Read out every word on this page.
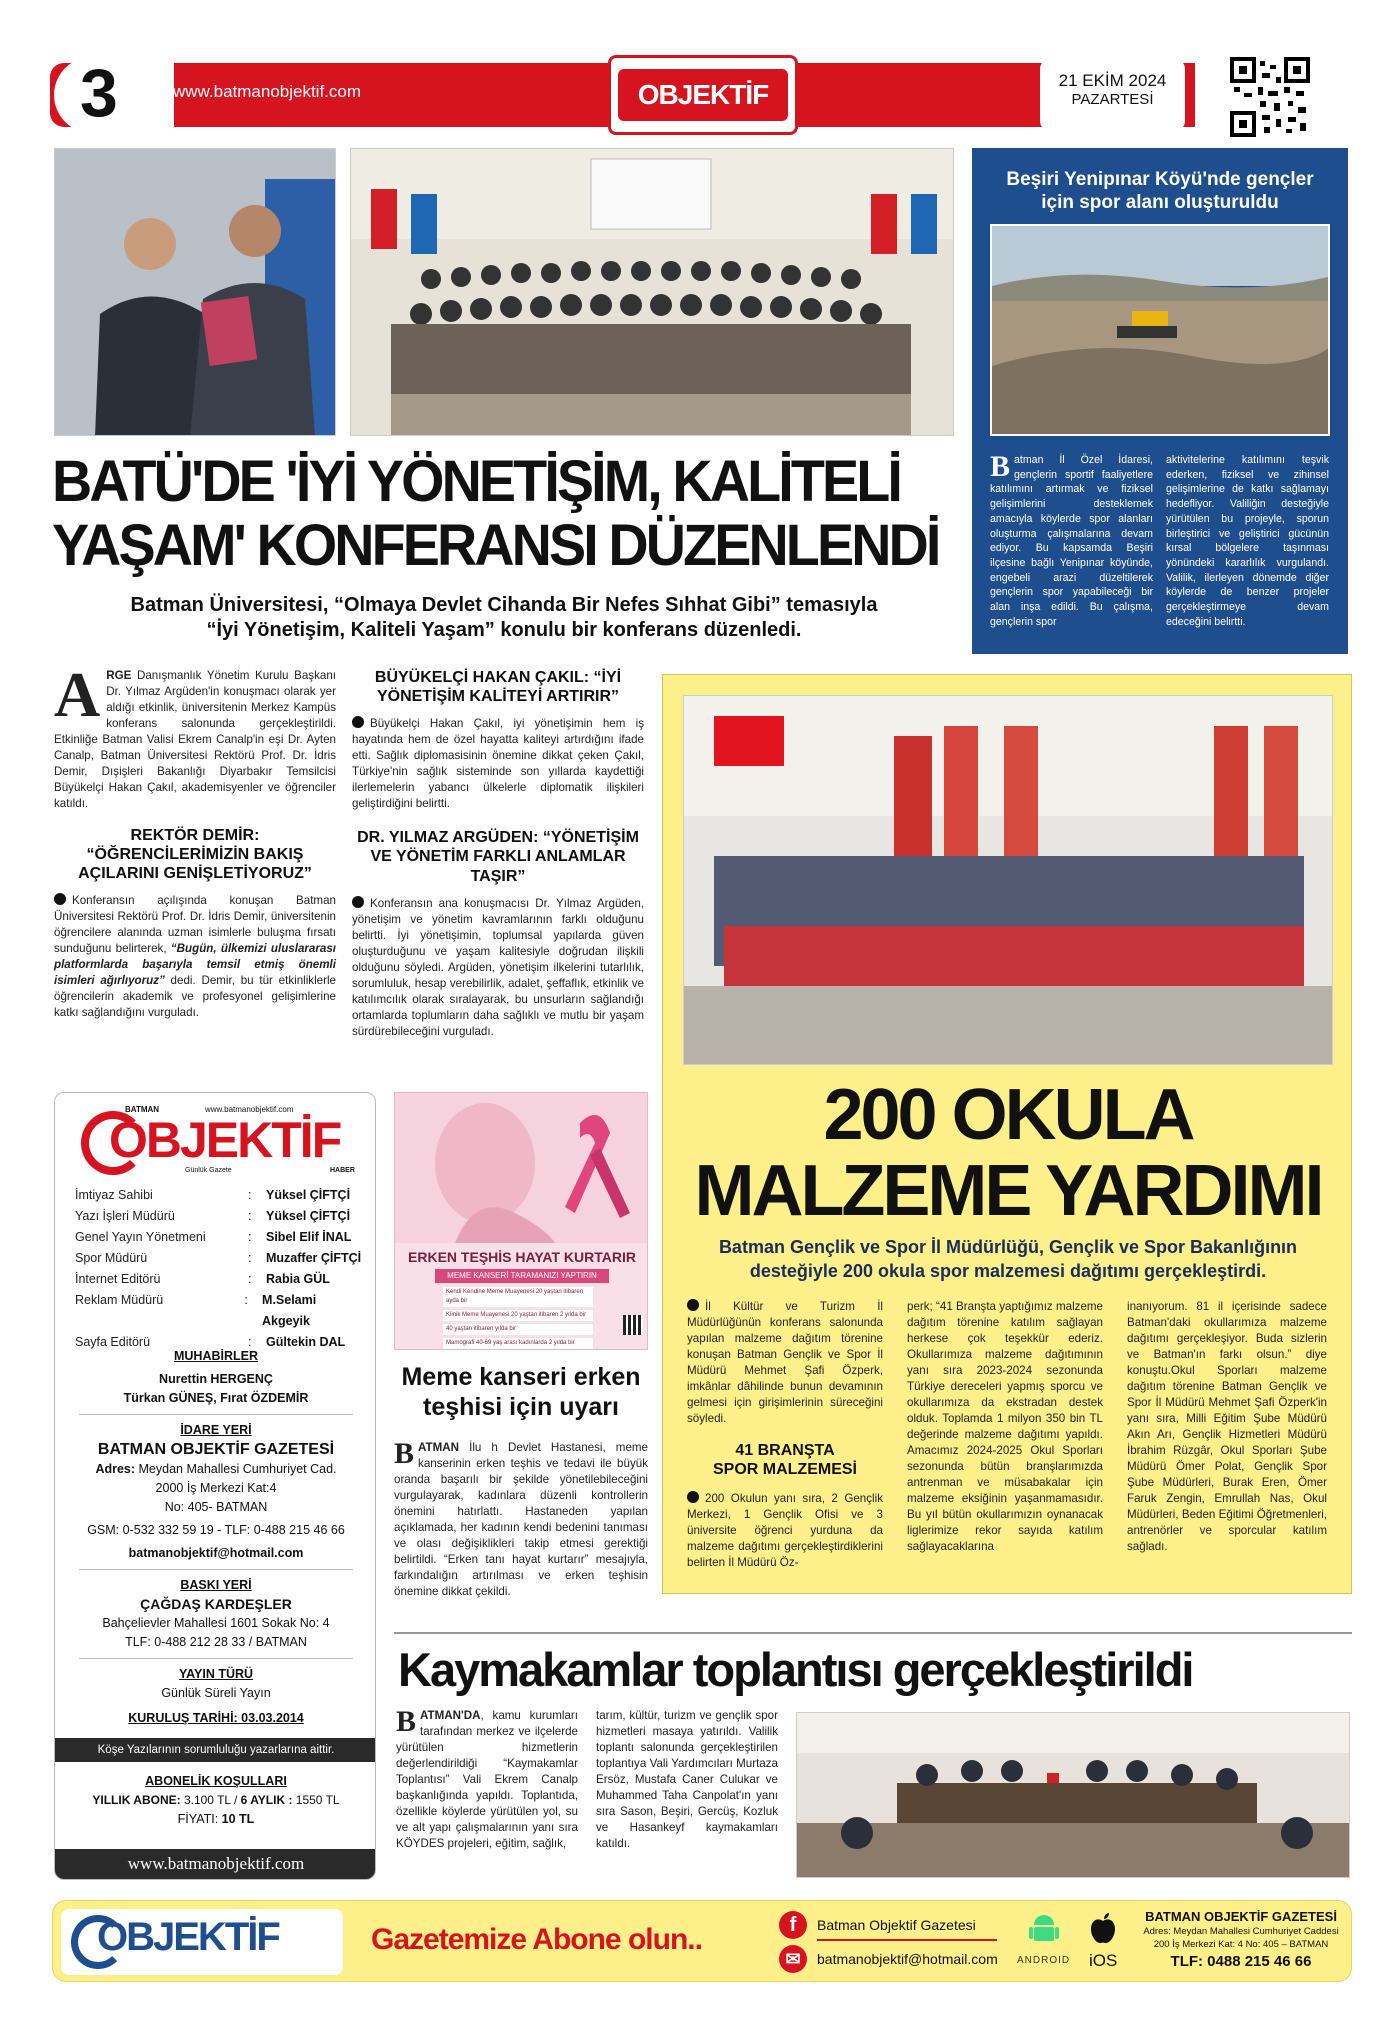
3	www.batmanobjektif.com	OBJEKTİF	21 EKİM 2024
PAZARTESİ
Beşiri Yenipınar Köyü'nde gençler için spor alanı oluşturuldu
Batman İl Özel İdaresi, gençlerin sportif faaliyetlere katılımını artırmak ve fiziksel gelişimlerini desteklemek amacıyla köylerde spor alanları oluşturma çalışmalarına devam ediyor. Bu kapsamda Beşiri ilçesine bağlı Yenipınar köyünde, engebeli arazi düzeltilerek gençlerin spor yapabileceği bir alan inşa edildi. Bu çalışma, gençlerin spor
aktivitelerine katılımını teşvik ederken, fiziksel ve zihinsel gelişimlerine de katkı sağlamayı hedefliyor. Valiliğin desteğiyle yürütülen bu projeyle, sporun birleştirici ve geliştirici gücünün kırsal bölgelere taşınması yönündeki kararlılık vurgulandı. Valilik, ilerleyen dönemde diğer köylerde de benzer projeler gerçekleştirmeye devam edeceğini belirtti.
BATÜ'DE 'İYİ YÖNETİŞİM, KALİTELİ
YAŞAM' KONFERANSI DÜZENLENDİ
Batman Üniversitesi, “Olmaya Devlet Cihanda Bir Nefes Sıhhat Gibi” temasıyla
“İyi Yönetişim, Kaliteli Yaşam” konulu bir konferans düzenledi.
ARGE Danışmanlık Yönetim Kurulu Başkanı Dr. Yılmaz Argüden'in konuşmacı olarak yer aldığı etkinlik, üniversitenin Merkez Kampüs konferans salonunda gerçekleştirildi. Etkinliğe Batman Valisi Ekrem Canalp'in eşi Dr. Ayten Canalp, Batman Üniversitesi Rektörü Prof. Dr. İdris Demir, Dışişleri Bakanlığı Diyarbakır Temsilcisi Büyükelçi Hakan Çakıl, akademisyenler ve öğrenciler katıldı.
REKTÖR DEMİR: “ÖĞRENCİLERİMİZİN BAKIŞ AÇILARINI GENİŞLETİYORUZ”
Konferansın açılışında konuşan Batman Üniversitesi Rektörü Prof. Dr. İdris Demir, üniversitenin öğrencilere alanında uzman isimlerle buluşma fırsatı sunduğunu belirterek, “Bugün, ülkemizi uluslararası platformlarda başarıyla temsil etmiş önemli isimleri ağırlıyoruz” dedi. Demir, bu tür etkinliklerle öğrencilerin akademik ve profesyonel gelişimlerine katkı sağlandığını vurguladı.
BÜYÜKELÇİ HAKAN ÇAKIL: “İYİ YÖNETİŞİM KALİTEYİ ARTIRIR”
Büyükelçi Hakan Çakıl, iyi yönetişimin hem iş hayatında hem de özel hayatta kaliteyi artırdığını ifade etti. Sağlık diplomasisinin önemine dikkat çeken Çakıl, Türkiye'nin sağlık sisteminde son yıllarda kaydettiği ilerlemelerin yabancı ülkelerle diplomatik ilişkileri geliştirdiğini belirtti.
DR. YILMAZ ARGÜDEN: “YÖNETİŞİM VE YÖNETİM FARKLI ANLAMLAR TAŞIR”
Konferansın ana konuşmacısı Dr. Yılmaz Argüden, yönetişim ve yönetim kavramlarının farklı olduğunu belirtti. İyi yönetişimin, toplumsal yapılarda güven oluşturduğunu ve yaşam kalitesiyle doğrudan ilişkili olduğunu söyledi. Argüden, yönetişim ilkelerini tutarlılık, sorumluluk, hesap verebilirlik, adalet, şeffaflık, etkinlik ve katılımcılık olarak sıralayarak, bu unsurların sağlandığı ortamlarda toplumların daha sağlıklı ve mutlu bir yaşam sürdürebileceğini vurguladı.
200 OKULA
MALZEME YARDIMI
Batman Gençlik ve Spor İl Müdürlüğü, Gençlik ve Spor Bakanlığının
desteğiyle 200 okula spor malzemesi dağıtımı gerçekleştirdi.
İl Kültür ve Turizm İl Müdürlüğünün konferans salonunda yapılan malzeme dağıtım törenine konuşan Batman Gençlik ve Spor İl Müdürü Mehmet Şafi Özperk, imkânlar dâhilinde bunun devamının gelmesi için girişimlerinin süreceğini söyledi.
41 BRANŞTA SPOR MALZEMESİ
200 Okulun yanı sıra, 2 Gençlik Merkezi, 1 Gençlik Ofisi ve 3 üniversite öğrenci yurduna da malzeme dağıtımı gerçekleştirdiklerini belirten İl Müdürü Öz-
perk; “41 Branşta yaptığımız malzeme dağıtım törenine katılım sağlayan herkese çok teşekkür ederiz. Okullarımıza malzeme dağıtımının yanı sıra 2023-2024 sezonunda Türkiye dereceleri yapmış sporcu ve okullarımıza da ekstradan destek olduk. Toplamda 1 milyon 350 bin TL değerinde malzeme dağıtımı yapıldı. Amacımız 2024-2025 Okul Sporları sezonunda bütün branşlarımızda antrenman ve müsabakalar için malzeme eksiğinin yaşanmamasıdır. Bu yıl bütün okullarımızın oynanacak liglerimize rekor sayıda katılım sağlayacaklarına
inanıyorum. 81 il içerisinde sadece Batman'daki okullarımıza malzeme dağıtımı gerçekleşiyor. Buda sizlerin ve Batman'ın farkı olsun.” diye konuştu.Okul Sporları malzeme dağıtım törenine Batman Gençlik ve Spor İl Müdürü Mehmet Şafi Özperk'in yanı sıra, Milli Eğitim Şube Müdürü Akın Arı, Gençlik Hizmetleri Müdürü İbrahim Rüzgâr, Okul Sporları Şube Müdürü Ömer Polat, Gençlik Spor Şube Müdürleri, Burak Eren, Ömer Faruk Zengin, Emrullah Nas, Okul Müdürleri, Beden Eğitimi Öğretmenleri, antrenörler ve sporcular katılım sağladı.
BATMAN	www.batmanobjektif.com
OBJEKTİF
Günlük Gazete	HABER
İmtiyaz Sahibi	:	Yüksel ÇİFTÇİ
Yazı İşleri Müdürü	:	Yüksel ÇİFTÇİ
Genel Yayın Yönetmeni	:	Sibel Elif İNAL
Spor Müdürü	:	Muzaffer ÇİFTÇİ
İnternet Editörü	:	Rabia GÜL
Reklam Müdürü	:	M.Selami Akgeyik
Sayfa Editörü	:	Gültekin DAL
MUHABİRLER
Nurettin HERGENÇ
Türkan GÜNEŞ, Fırat ÖZDEMİR
İDARE YERİ
BATMAN OBJEKTİF GAZETESİ
Adres: Meydan Mahallesi Cumhuriyet Cad.
2000 İş Merkezi Kat:4
No: 405- BATMAN
GSM: 0-532 332 59 19 - TLF: 0-488 215 46 66
batmanobjektif@hotmail.com
BASKI YERİ
ÇAĞDAŞ KARDEŞLER
Bahçelievler Mahallesi 1601 Sokak No: 4
TLF: 0-488 212 28 33 / BATMAN
YAYIN TÜRÜ
Günlük Süreli Yayın
KURULUŞ TARİHİ: 03.03.2014
Köşe Yazılarının sorumluluğu yazarlarına aittir.
ABONELİK KOŞULLARI
YILLIK ABONE: 3.100 TL / 6 AYLIK : 1550 TL
FİYATI: 10 TL
www.batmanobjektif.com
ERKEN TEŞHİS HAYAT KURTARIR
MEME KANSERİ TARAMANIZI YAPTIRIN
Kendi Kendine Meme Muayenesi 20 yaştan itibaren ayda bir
Klinik Meme Muayenesi 20 yaştan itibaren 2 yılda bir
40 yaştan itibaren yılda bir
Mamografi 40-69 yaş arası kadınlarda 2 yılda bir
Meme kanseri erken
teşhisi için uyarı
BATMAN İlu h Devlet Hastanesi, meme kanserinin erken teşhis ve tedavi ile büyük oranda başarılı bir şekilde yönetilebileceğini vurgulayarak, kadınlara düzenli kontrollerin önemini hatırlattı. Hastaneden yapılan açıklamada, her kadının kendi bedenini tanıması ve olası değişiklikleri takip etmesi gerektiği belirtildi. “Erken tanı hayat kurtarır” mesajıyla, farkındalığın artırılması ve erken teşhisin önemine dikkat çekildi.
Kaymakamlar toplantısı gerçekleştirildi
BATMAN'DA, kamu kurumları tarafından merkez ve ilçelerde yürütülen hizmetlerin değerlendirildiği “Kaymakamlar Toplantısı” Vali Ekrem Canalp başkanlığında yapıldı. Toplantıda, özellikle köylerde yürütülen yol, su ve alt yapı çalışmalarının yanı sıra KÖYDES projeleri, eğitim, sağlık,
tarım, kültür, turizm ve gençlik spor hizmetleri masaya yatırıldı. Valilik toplantı salonunda gerçekleştirilen toplantıya Vali Yardımcıları Murtaza Ersöz, Mustafa Caner Culukar ve Muhammed Taha Canpolat'ın yanı sıra Sason, Beşiri, Gercüş, Kozluk ve Hasankeyf kaymakamları katıldı.
OBJEKTİF	Gazetemize Abone olun..	f	Batman Objektif Gazetesi
✉	batmanobjektif@hotmail.com ANDROID iOS
BATMAN OBJEKTİF GAZETESİ
Adres: Meydan Mahallesi Cumhuriyet Caddesi
200 İş Merkezi Kat: 4 No: 405 – BATMAN
TLF: 0488 215 46 66
